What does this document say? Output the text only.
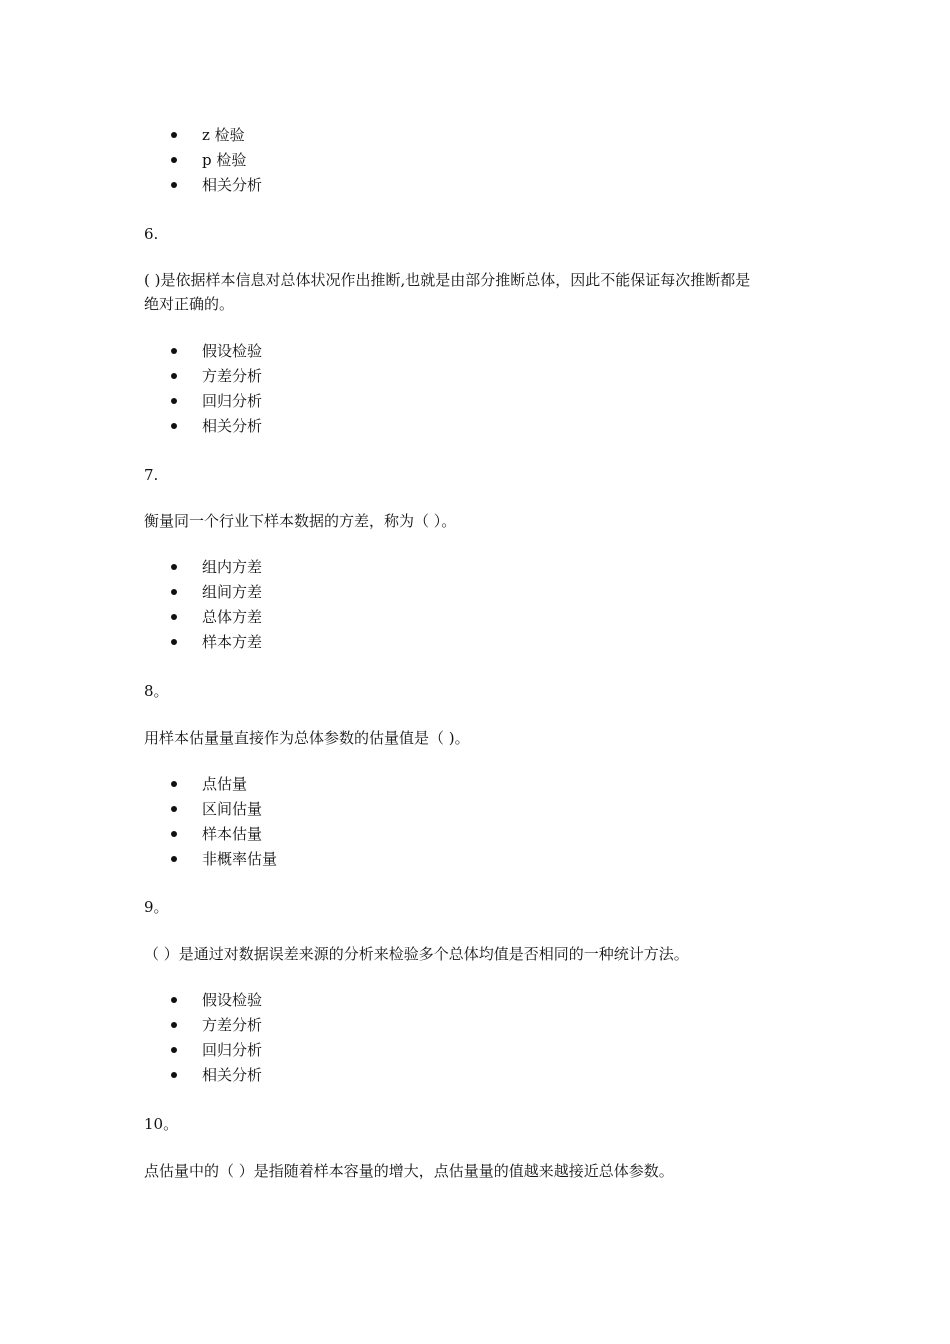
z 检验
p 检验
相关分析
6.
( )是依据样本信息对总体状况作出推断,也就是由部分推断总体，因此不能保证每次推断都是
绝对正确的。
假设检验
方差分析
回归分析
相关分析
7.
衡量同一个行业下样本数据的方差，称为（ ）。
组内方差
组间方差
总体方差
样本方差
8。
用样本估量量直接作为总体参数的估量值是（ )。
点估量
区间估量
样本估量
非概率估量
9。
（ ）是通过对数据误差来源的分析来检验多个总体均值是否相同的一种统计方法。
假设检验
方差分析
回归分析
相关分析
10。
点估量中的（ ）是指随着样本容量的增大，点估量量的值越来越接近总体参数。
